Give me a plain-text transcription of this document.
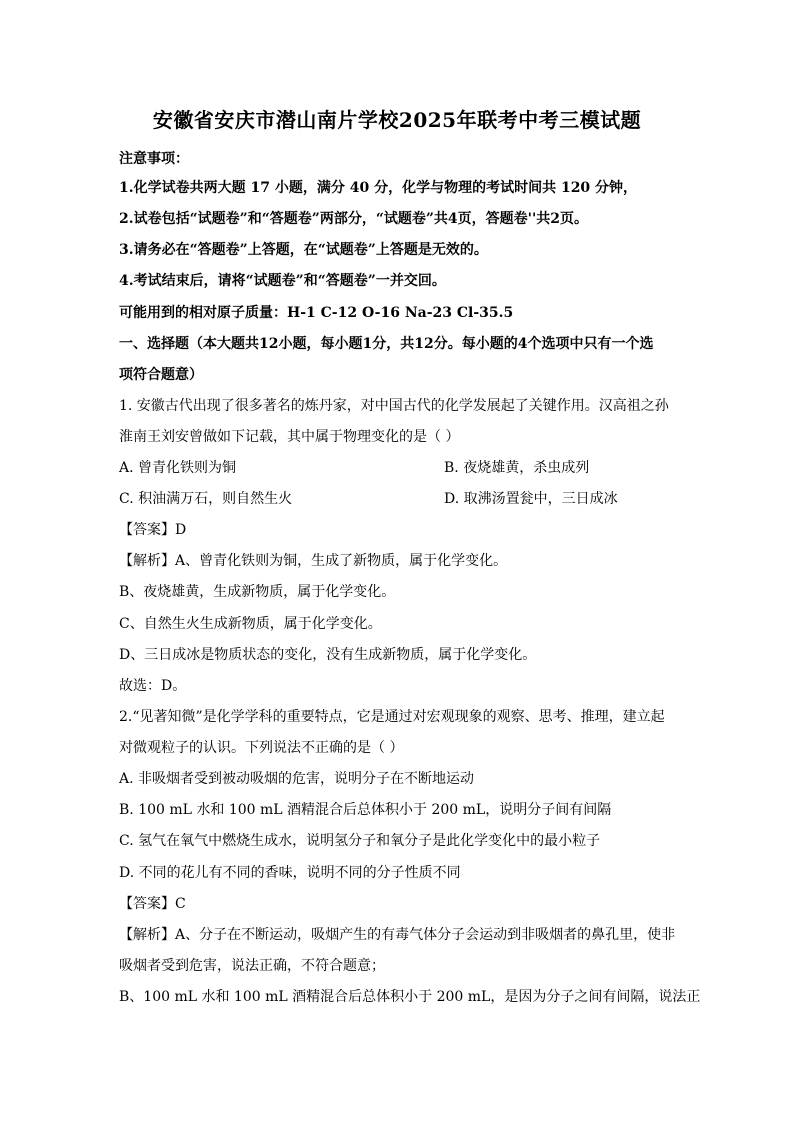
安徽省安庆市潜山南片学校2025年联考中考三模试题
注意事项：
1.化学试卷共两大题 17 小题，满分 40 分，化学与物理的考试时间共 120 分钟，
2.试卷包括“试题卷”和“答题卷”两部分，“试题卷”共4页，答题卷''共2页。
3.请务必在“答题卷”上答题，在“试题卷”上答题是无效的。
4.考试结束后，请将“试题卷”和“答题卷”一并交回。
可能用到的相对原子质量：H-1 C-12 O-16 Na-23 Cl-35.5
一、选择题（本大题共12小题，每小题1分，共12分。每小题的4个选项中只有一个选
项符合题意）
1. 安徽古代出现了很多著名的炼丹家，对中国古代的化学发展起了关键作用。汉高祖之孙
淮南王刘安曾做如下记载，其中属于物理变化的是（ ）
A. 曾青化铁则为铜	B. 夜烧雄黄，杀虫成列
C. 积油满万石，则自然生火	D. 取沸汤置瓮中，三日成冰
【答案】D
【解析】A、曾青化铁则为铜，生成了新物质，属于化学变化。
B、夜烧雄黄，生成新物质，属于化学变化。
C、自然生火生成新物质，属于化学变化。
D、三日成冰是物质状态的变化，没有生成新物质，属于化学变化。
故选：D。
2.“见著知微”是化学学科的重要特点，它是通过对宏观现象的观察、思考、推理，建立起
对微观粒子的认识。下列说法不正确的是（ ）
A. 非吸烟者受到被动吸烟的危害，说明分子在不断地运动
B. 100 mL 水和 100 mL 酒精混合后总体积小于 200 mL，说明分子间有间隔
C. 氢气在氧气中燃烧生成水，说明氢分子和氧分子是此化学变化中的最小粒子
D. 不同的花儿有不同的香味，说明不同的分子性质不同
【答案】C
【解析】A、分子在不断运动，吸烟产生的有毒气体分子会运动到非吸烟者的鼻孔里，使非
吸烟者受到危害，说法正确，不符合题意；
B、100 mL 水和 100 mL 酒精混合后总体积小于 200 mL，是因为分子之间有间隔，说法正
